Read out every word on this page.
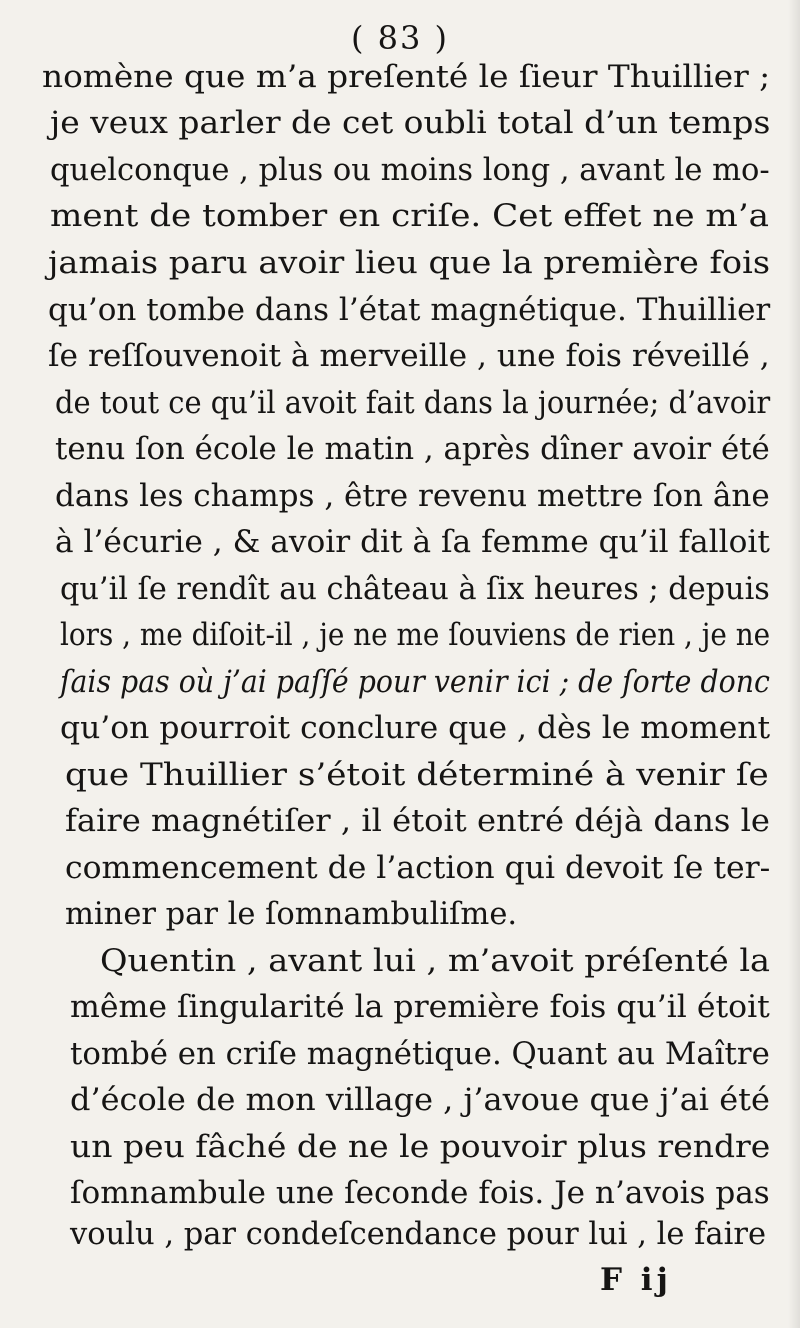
( 83 )
nomène que m’a preſenté le ſieur Thuillier ;
je veux parler de cet oubli total d’un temps
quelconque , plus ou moins long , avant le mo-
ment de tomber en criſe. Cet effet ne m’a
jamais paru avoir lieu que la première fois
qu’on tombe dans l’état magnétique. Thuillier
ſe reſſouvenoit à merveille , une fois réveillé ,
de tout ce qu’il avoit fait dans la journée; d’avoir
tenu ſon école le matin , après dîner avoir été
dans les champs , être revenu mettre ſon âne
à l’écurie , & avoir dit à ſa femme qu’il falloit
qu’il ſe rendît au château à ſix heures ; depuis
lors , me diſoit-il , je ne me ſouviens de rien , je ne
ſais pas où j’ai paſſé pour venir ici ; de ſorte donc
qu’on pourroit conclure que , dès le moment
que Thuillier s’étoit déterminé à venir ſe
faire magnétiſer , il étoit entré déjà dans le
commencement de l’action qui devoit ſe ter-
miner par le ſomnambuliſme.
Quentin , avant lui , m’avoit préſenté la
même ſingularité la première fois qu’il étoit
tombé en criſe magnétique. Quant au Maître
d’école de mon village , j’avoue que j’ai été
un peu fâché de ne le pouvoir plus rendre
ſomnambule une ſeconde fois. Je n’avois pas
voulu , par condeſcendance pour lui , le faire
F ij
